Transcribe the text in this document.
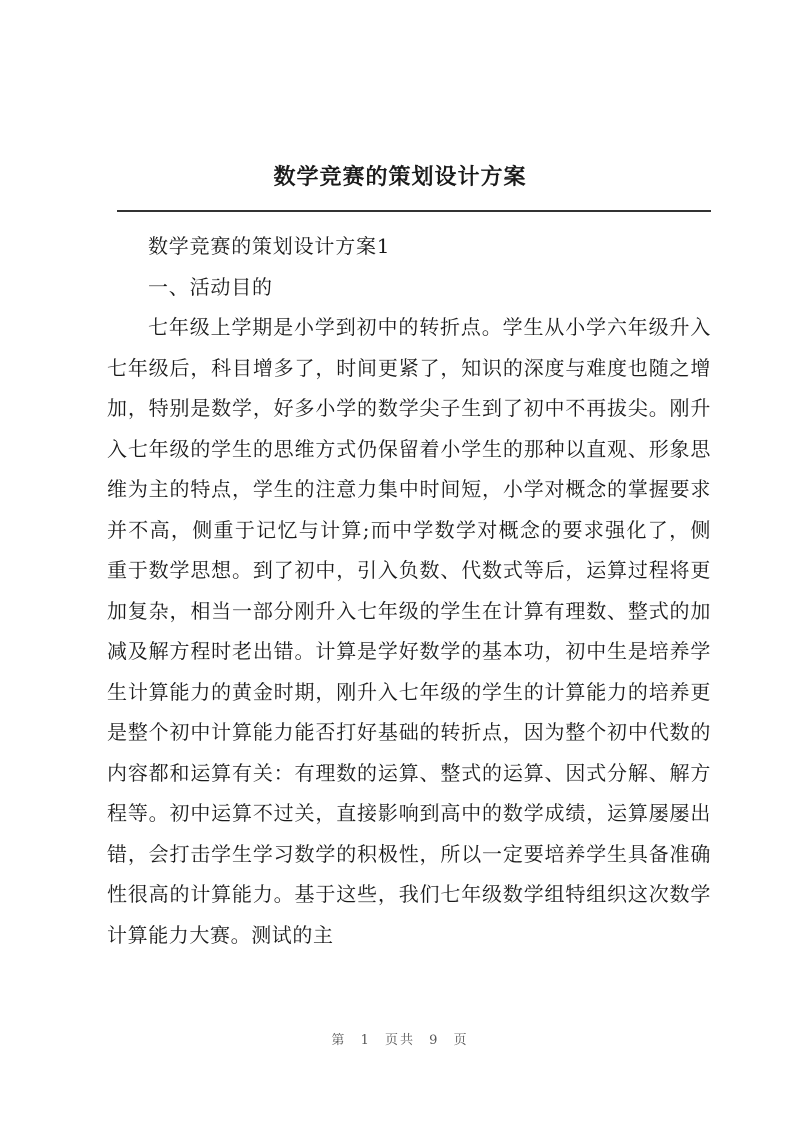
数学竞赛的策划设计方案

数学竞赛的策划设计方案1

一、活动目的

七年级上学期是小学到初中的转折点。学生从小学六年级升入七年级后，科目增多了，时间更紧了，知识的深度与难度也随之增加，特别是数学，好多小学的数学尖子生到了初中不再拔尖。刚升入七年级的学生的思维方式仍保留着小学生的那种以直观、形象思维为主的特点，学生的注意力集中时间短，小学对概念的掌握要求并不高，侧重于记忆与计算;而中学数学对概念的要求强化了，侧重于数学思想。到了初中，引入负数、代数式等后，运算过程将更加复杂，相当一部分刚升入七年级的学生在计算有理数、整式的加减及解方程时老出错。计算是学好数学的基本功，初中生是培养学生计算能力的黄金时期，刚升入七年级的学生的计算能力的培养更是整个初中计算能力能否打好基础的转折点，因为整个初中代数的内容都和运算有关：有理数的运算、整式的运算、因式分解、解方程等。初中运算不过关，直接影响到高中的数学成绩，运算屡屡出错，会打击学生学习数学的积极性，所以一定要培养学生具备准确性很高的计算能力。基于这些，我们七年级数学组特组织这次数学计算能力大赛。测试的主

第 1 页共 9 页
